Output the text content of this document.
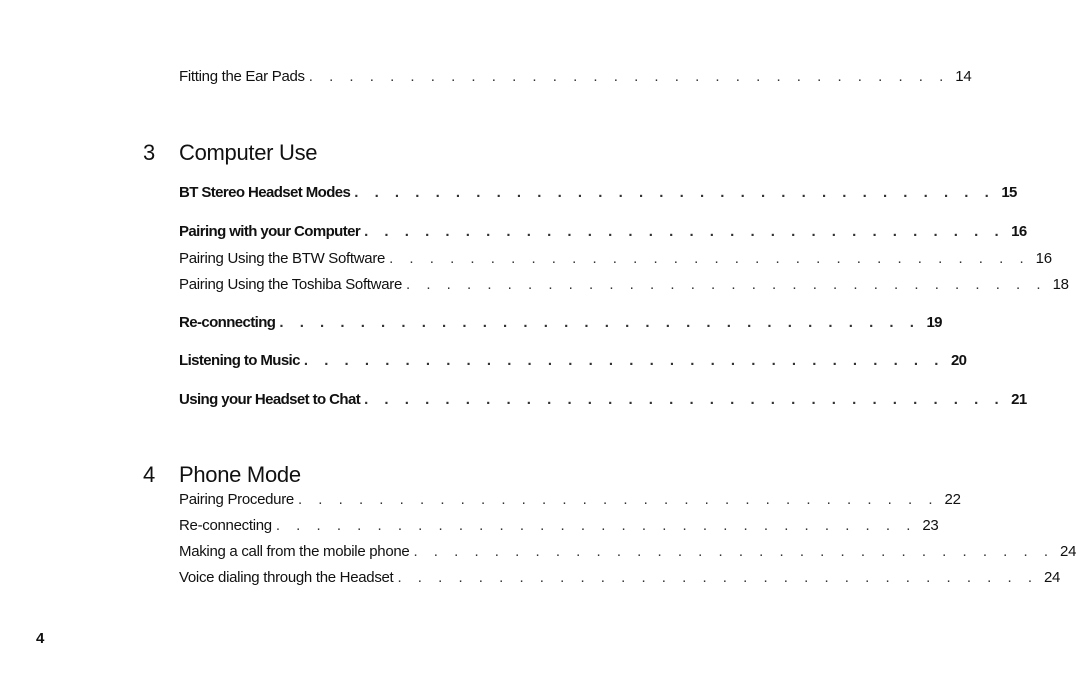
Fitting the Ear Pads . . . . . . . . . . . . . . . . . . . . . . . . . . . . . . . . 14
3	Computer Use
BT Stereo Headset Modes . . . . . . . . . . . . . . . . . . . . . . . . . . . . . . . . 15
Pairing with your Computer . . . . . . . . . . . . . . . . . . . . . . . . . . . . . . . . 16
Pairing Using the BTW Software . . . . . . . . . . . . . . . . . . . . . . . . . . . . . . . . 16
Pairing Using the Toshiba Software . . . . . . . . . . . . . . . . . . . . . . . . . . . . . . . . 18
Re-connecting . . . . . . . . . . . . . . . . . . . . . . . . . . . . . . . . 19
Listening to Music . . . . . . . . . . . . . . . . . . . . . . . . . . . . . . . . 20
Using your Headset to Chat . . . . . . . . . . . . . . . . . . . . . . . . . . . . . . . . 21
4	Phone Mode
Pairing Procedure . . . . . . . . . . . . . . . . . . . . . . . . . . . . . . . . 22
Re-connecting . . . . . . . . . . . . . . . . . . . . . . . . . . . . . . . . 23
Making a call from the mobile phone . . . . . . . . . . . . . . . . . . . . . . . . . . . . . . . . 24
Voice dialing through the Headset . . . . . . . . . . . . . . . . . . . . . . . . . . . . . . . . 24
4
